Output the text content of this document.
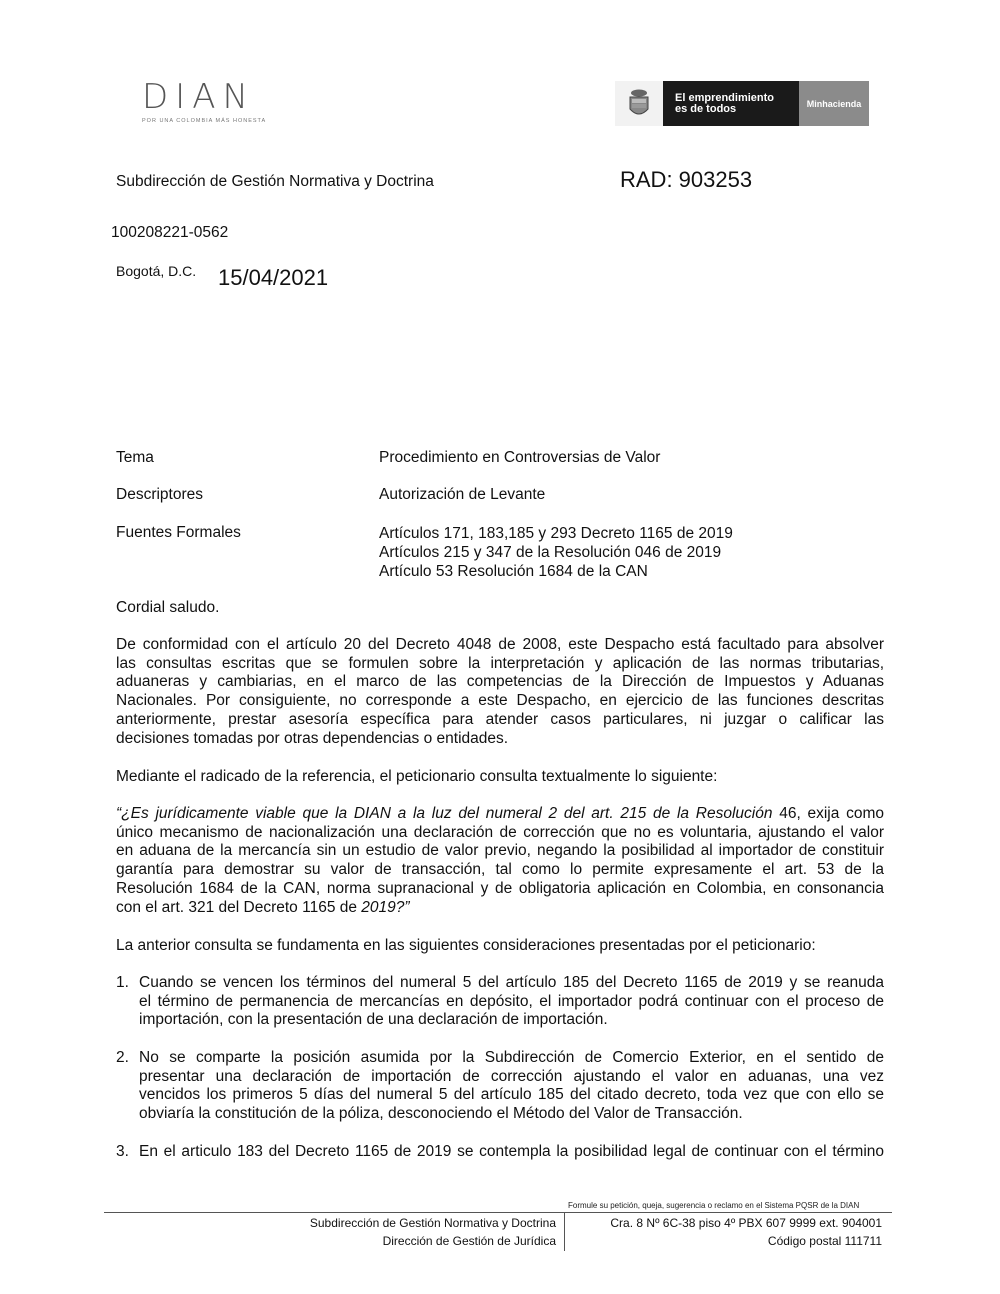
DIAN
POR UNA COLOMBIA MÁS HONESTA
El emprendimiento
es de todos	Minhacienda
Subdirección de Gestión Normativa y Doctrina	RAD: 903253
100208221-0562
Bogotá, D.C. 15/04/2021
Tema	Procedimiento en Controversias de Valor
Descriptores	Autorización de Levante
Fuentes Formales	Artículos 171, 183,185 y 293 Decreto 1165 de 2019
Artículos 215 y 347 de la Resolución 046 de 2019
Artículo 53 Resolución 1684 de la CAN
Cordial saludo.
De conformidad con el artículo 20 del Decreto 4048 de 2008, este Despacho está facultado para absolver
las consultas escritas que se formulen sobre la interpretación y aplicación de las normas tributarias,
aduaneras y cambiarias, en el marco de las competencias de la Dirección de Impuestos y Aduanas
Nacionales. Por consiguiente, no corresponde a este Despacho, en ejercicio de las funciones descritas
anteriormente, prestar asesoría específica para atender casos particulares, ni juzgar o calificar las
decisiones tomadas por otras dependencias o entidades.
Mediante el radicado de la referencia, el peticionario consulta textualmente lo siguiente:
“¿Es jurídicamente viable que la DIAN a la luz del numeral 2 del art. 215 de la Resolución 46, exija como
único mecanismo de nacionalización una declaración de corrección que no es voluntaria, ajustando el valor
en aduana de la mercancía sin un estudio de valor previo, negando la posibilidad al importador de constituir
garantía para demostrar su valor de transacción, tal como lo permite expresamente el art. 53 de la
Resolución 1684 de la CAN, norma supranacional y de obligatoria aplicación en Colombia, en consonancia
con el art. 321 del Decreto 1165 de 2019?”
La anterior consulta se fundamenta en las siguientes consideraciones presentadas por el peticionario:
1. Cuando se vencen los términos del numeral 5 del artículo 185 del Decreto 1165 de 2019 y se reanuda
el término de permanencia de mercancías en depósito, el importador podrá continuar con el proceso de
importación, con la presentación de una declaración de importación.
2. No se comparte la posición asumida por la Subdirección de Comercio Exterior, en el sentido de
presentar una declaración de importación de corrección ajustando el valor en aduanas, una vez
vencidos los primeros 5 días del numeral 5 del artículo 185 del citado decreto, toda vez que con ello se
obviaría la constitución de la póliza, desconociendo el Método del Valor de Transacción.
3. En el articulo 183 del Decreto 1165 de 2019 se contempla la posibilidad legal de continuar con el término
Formule su petición, queja, sugerencia o reclamo en el Sistema PQSR de la DIAN
Subdirección de Gestión Normativa y Doctrina
Dirección de Gestión de Jurídica
Cra. 8 Nº 6C-38 piso 4º PBX 607 9999 ext. 904001
Código postal 111711
